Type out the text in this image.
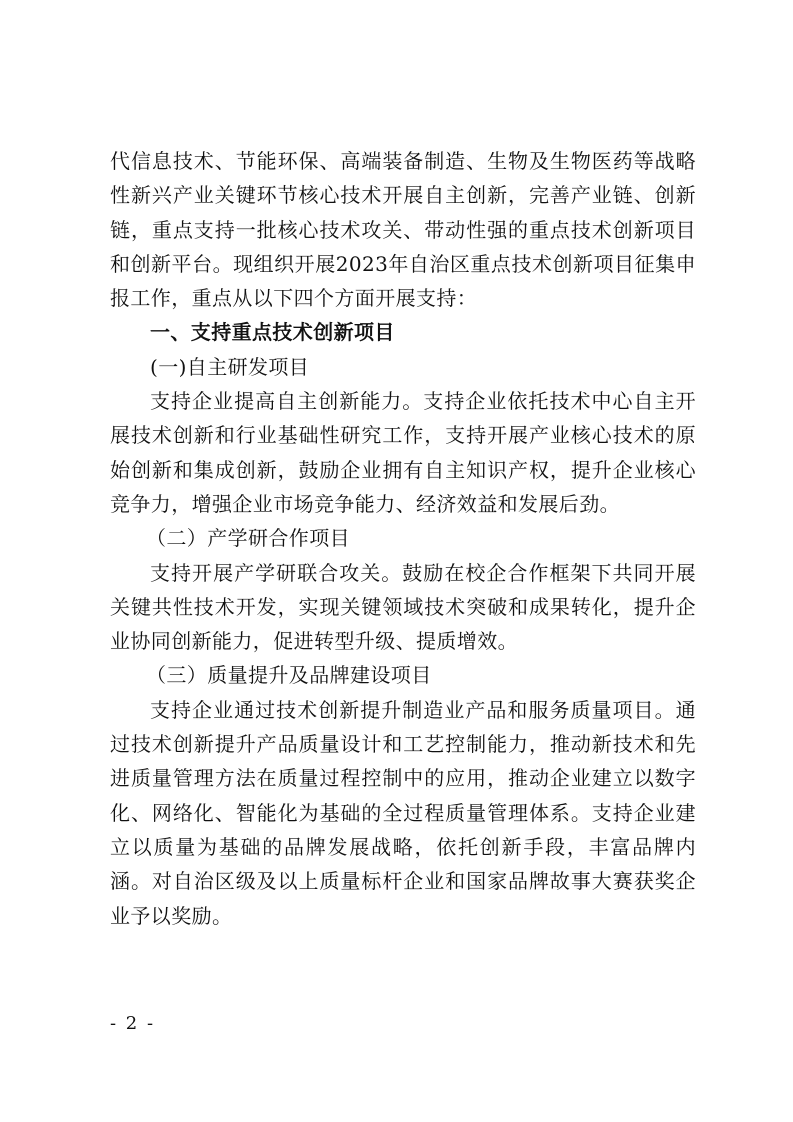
代信息技术、节能环保、高端装备制造、生物及生物医药等战略性新兴产业关键环节核心技术开展自主创新，完善产业链、创新链，重点支持一批核心技术攻关、带动性强的重点技术创新项目和创新平台。现组织开展2023年自治区重点技术创新项目征集申报工作，重点从以下四个方面开展支持：

一、支持重点技术创新项目

(一)自主研发项目

支持企业提高自主创新能力。支持企业依托技术中心自主开展技术创新和行业基础性研究工作，支持开展产业核心技术的原始创新和集成创新，鼓励企业拥有自主知识产权，提升企业核心竞争力，增强企业市场竞争能力、经济效益和发展后劲。

（二）产学研合作项目

支持开展产学研联合攻关。鼓励在校企合作框架下共同开展关键共性技术开发，实现关键领域技术突破和成果转化，提升企业协同创新能力，促进转型升级、提质增效。

（三）质量提升及品牌建设项目

支持企业通过技术创新提升制造业产品和服务质量项目。通过技术创新提升产品质量设计和工艺控制能力，推动新技术和先进质量管理方法在质量过程控制中的应用，推动企业建立以数字化、网络化、智能化为基础的全过程质量管理体系。支持企业建立以质量为基础的品牌发展战略，依托创新手段，丰富品牌内涵。对自治区级及以上质量标杆企业和国家品牌故事大赛获奖企业予以奖励。

- 2 -
